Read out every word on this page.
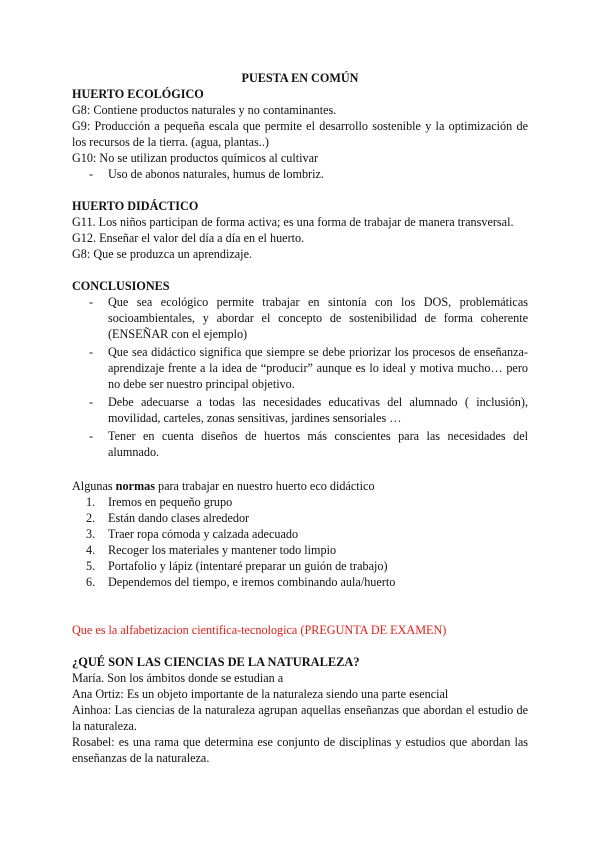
PUESTA EN COMÚN

HUERTO ECOLÓGICO

G8: Contiene productos naturales y no contaminantes.

G9: Producción a pequeña escala que permite el desarrollo sostenible y la optimización de los recursos de la tierra. (agua, plantas..)

G10: No se utilizan productos químicos al cultivar

- Uso de abonos naturales, humus de lombriz.
HUERTO DIDÁCTICO

G11. Los niños participan de forma activa; es una forma de trabajar de manera transversal.

G12. Enseñar el valor del día a día en el huerto.

G8: Que se produzca un aprendizaje.

CONCLUSIONES
- Que sea ecológico permite trabajar en sintonía con los DOS, problemáticas socioambientales, y abordar el concepto de sostenibilidad de forma coherente (ENSEÑAR con el ejemplo)
- Que sea didáctico significa que siempre se debe priorizar los procesos de enseñanza-aprendizaje frente a la idea de “producir” aunque es lo ideal y motiva mucho… pero no debe ser nuestro principal objetivo.
- Debe adecuarse a todas las necesidades educativas del alumnado ( inclusión), movilidad, carteles, zonas sensitivas, jardines sensoriales …
- Tener en cuenta diseños de huertos más conscientes para las necesidades del alumnado.

Algunas normas para trabajar en nuestro huerto eco didáctico

1. Iremos en pequeño grupo
2. Están dando clases alrededor
3. Traer ropa cómoda y calzada adecuado
4. Recoger los materiales y mantener todo limpio
5. Portafolio y lápiz (intentaré preparar un guión de trabajo)
6. Dependemos del tiempo, e iremos combinando aula/huerto

Que es la alfabetizacion cientifica-tecnologica (PREGUNTA DE EXAMEN)

¿QUÉ SON LAS CIENCIAS DE LA NATURALEZA?

María. Son los ámbitos donde se estudian a

Ana Ortiz: Es un objeto importante de la naturaleza siendo una parte esencial

Ainhoa: Las ciencias de la naturaleza agrupan aquellas enseñanzas que abordan el estudio de la naturaleza.

Rosabel: es una rama que determina ese conjunto de disciplinas y estudios que abordan las enseñanzas de la naturaleza.
